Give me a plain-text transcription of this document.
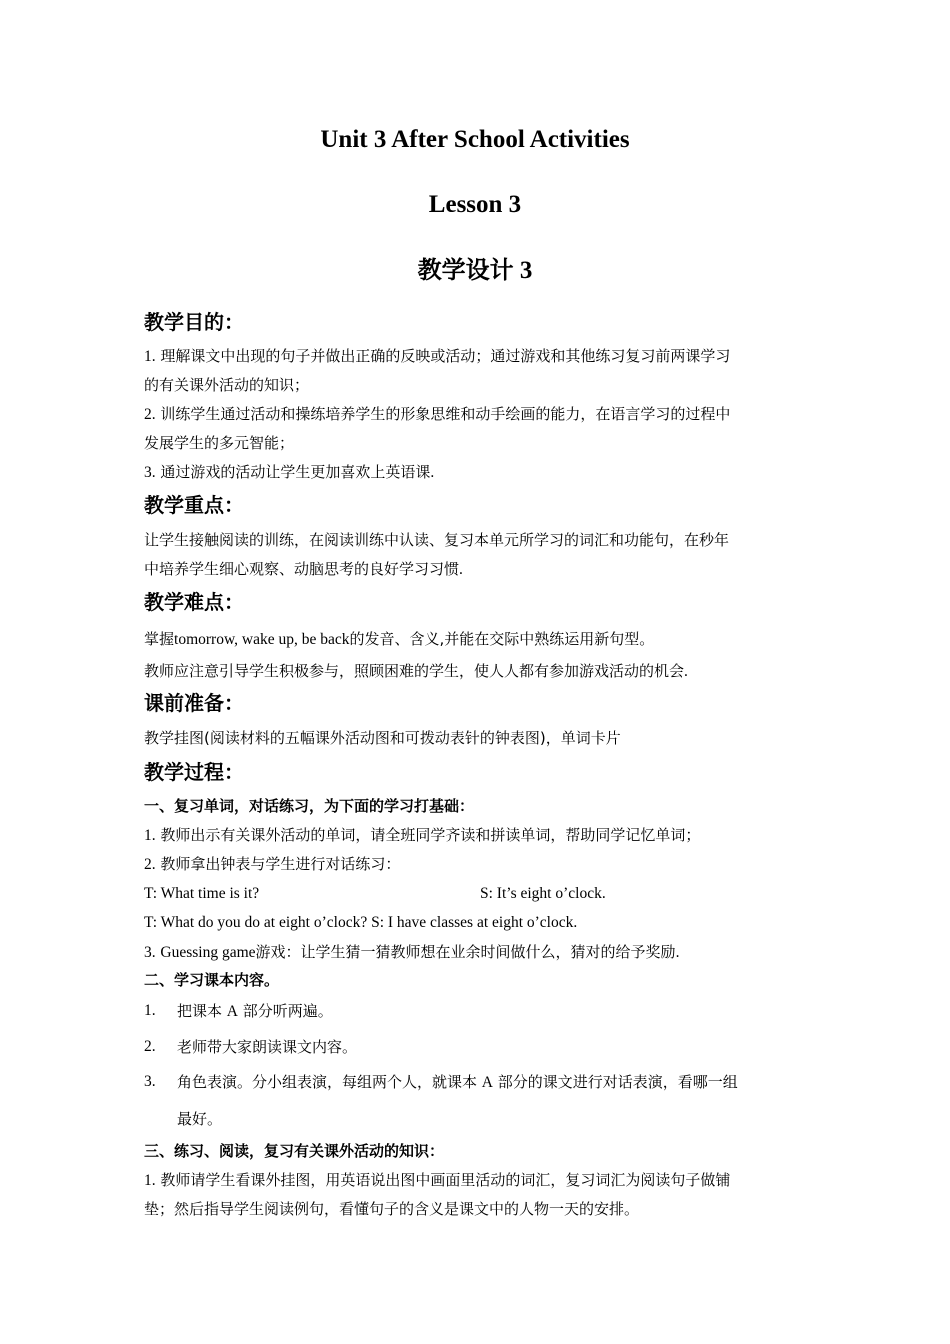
Unit 3 After School Activities
Lesson 3
教学设计 3
教学目的：
1. 理解课文中出现的句子并做出正确的反映或活动；通过游戏和其他练习复习前两课学习
的有关课外活动的知识；
2. 训练学生通过活动和操练培养学生的形象思维和动手绘画的能力，在语言学习的过程中
发展学生的多元智能；
3. 通过游戏的活动让学生更加喜欢上英语课.
教学重点：
让学生接触阅读的训练，在阅读训练中认读、复习本单元所学习的词汇和功能句，在秒年
中培养学生细心观察、动脑思考的良好学习习惯.
教学难点：
掌握tomorrow, wake up, be back的发音、含义,并能在交际中熟练运用新句型。
教师应注意引导学生积极参与，照顾困难的学生，使人人都有参加游戏活动的机会.
课前准备：
教学挂图(阅读材料的五幅课外活动图和可拨动表针的钟表图)，单词卡片
教学过程：
一、复习单词，对话练习，为下面的学习打基础：
1. 教师出示有关课外活动的单词，请全班同学齐读和拼读单词，帮助同学记忆单词；
2. 教师拿出钟表与学生进行对话练习：
T: What time is it?	S: It’s eight o’clock.
T: What do you do at eight o’clock? S: I have classes at eight o’clock.
3. Guessing game游戏：让学生猜一猜教师想在业余时间做什么，猜对的给予奖励.
二、学习课本内容。
1. 把课本 A 部分听两遍。
2. 老师带大家朗读课文内容。
3. 角色表演。分小组表演，每组两个人，就课本 A 部分的课文进行对话表演，看哪一组
最好。
三、练习、阅读，复习有关课外活动的知识：
1. 教师请学生看课外挂图，用英语说出图中画面里活动的词汇，复习词汇为阅读句子做铺
垫；然后指导学生阅读例句，看懂句子的含义是课文中的人物一天的安排。
